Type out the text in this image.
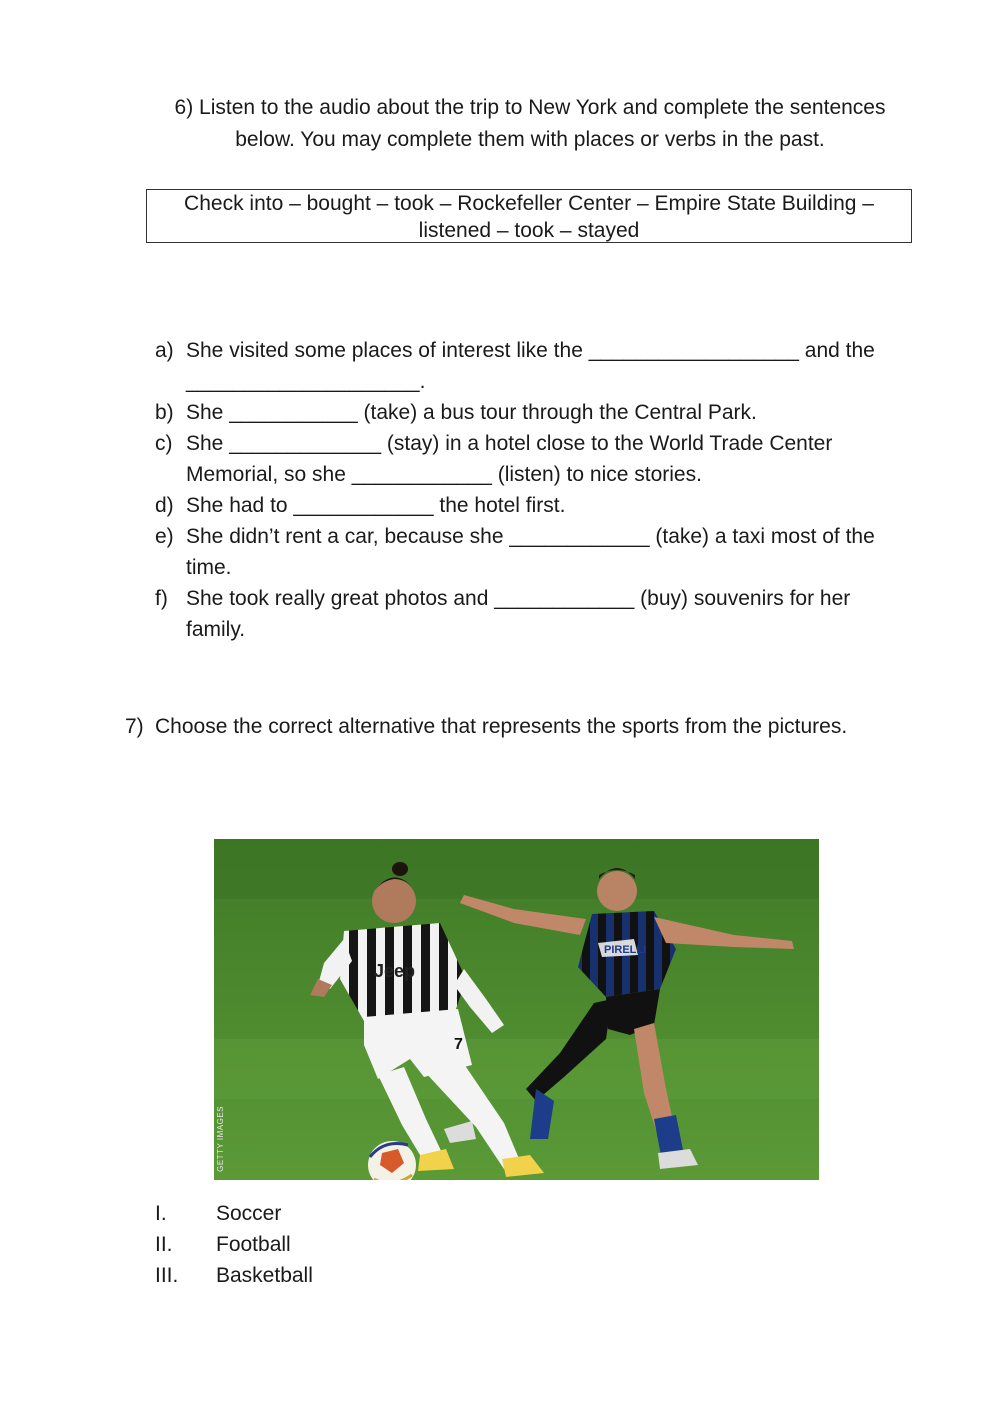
6) Listen to the audio about the trip to New York and complete the sentences below. You may complete them with places or verbs in the past.
Check into – bought – took – Rockefeller Center – Empire State Building – listened – took – stayed
a) She visited some places of interest like the __________________ and the ____________________.
b) She ___________ (take) a bus tour through the Central Park.
c) She _____________ (stay) in a hotel close to the World Trade Center Memorial, so she ____________ (listen) to nice stories.
d) She had to ____________ the hotel first.
e) She didn’t rent a car, because she ____________ (take) a taxi most of the time.
f) She took really great photos and ____________ (buy) souvenirs for her family.
7) Choose the correct alternative that represents the sports from the pictures.
PIRELLI
Jeep
7
GETTY IMAGES
I. Soccer
II. Football
III. Basketball
